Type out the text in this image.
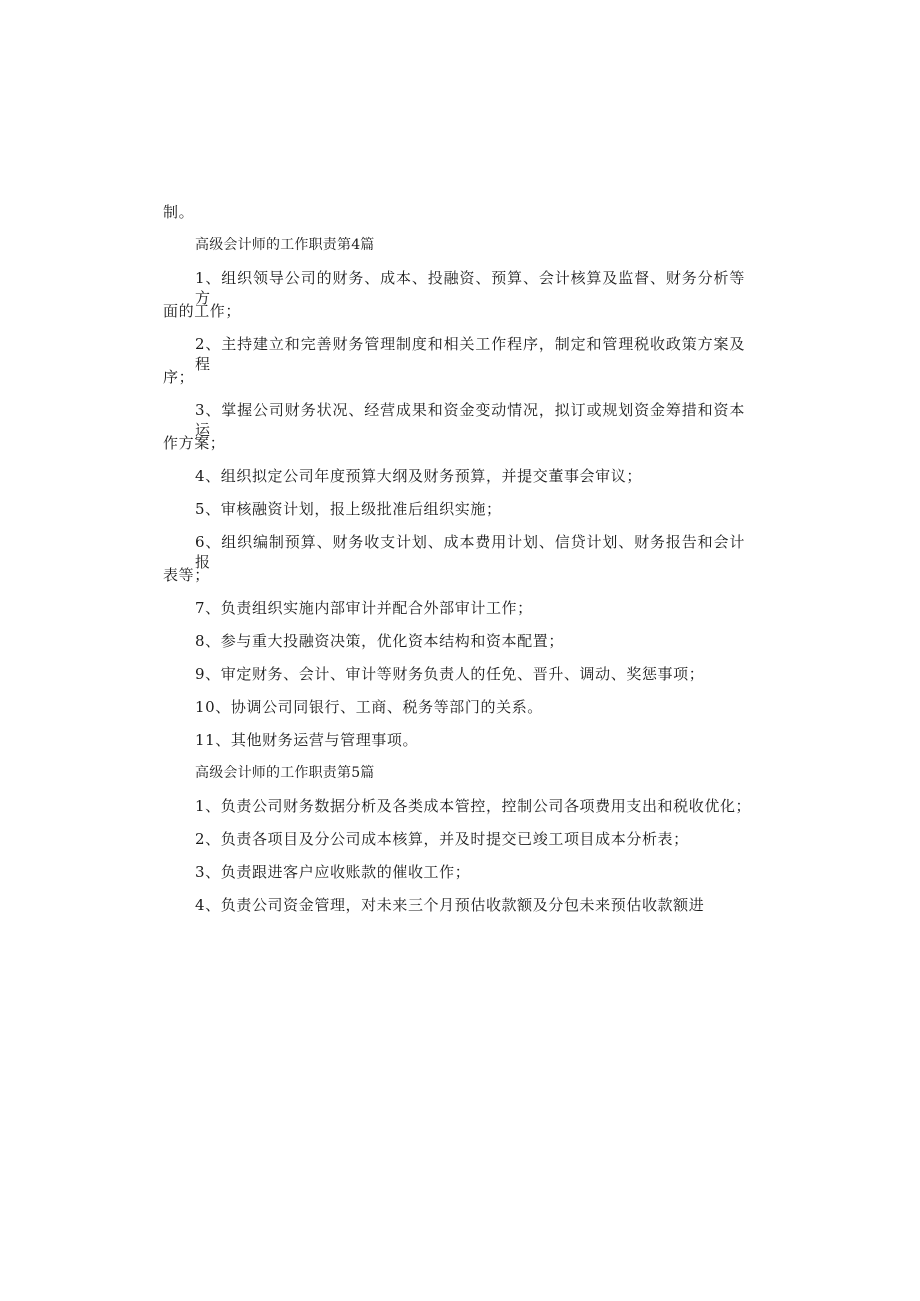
制。
高级会计师的工作职责第4篇
1、组织领导公司的财务、成本、投融资、预算、会计核算及监督、财务分析等方
面的工作；
2、主持建立和完善财务管理制度和相关工作程序，制定和管理税收政策方案及程
序；
3、掌握公司财务状况、经营成果和资金变动情况，拟订或规划资金筹措和资本运
作方案；
4、组织拟定公司年度预算大纲及财务预算，并提交董事会审议；
5、审核融资计划，报上级批准后组织实施；
6、组织编制预算、财务收支计划、成本费用计划、信贷计划、财务报告和会计报
表等；
7、负责组织实施内部审计并配合外部审计工作；
8、参与重大投融资决策，优化资本结构和资本配置；
9、审定财务、会计、审计等财务负责人的任免、晋升、调动、奖惩事项；
10、协调公司同银行、工商、税务等部门的关系。
11、其他财务运营与管理事项。
高级会计师的工作职责第5篇
1、负责公司财务数据分析及各类成本管控，控制公司各项费用支出和税收优化；
2、负责各项目及分公司成本核算，并及时提交已竣工项目成本分析表；
3、负责跟进客户应收账款的催收工作；
4、负责公司资金管理，对未来三个月预估收款额及分包未来预估收款额进
